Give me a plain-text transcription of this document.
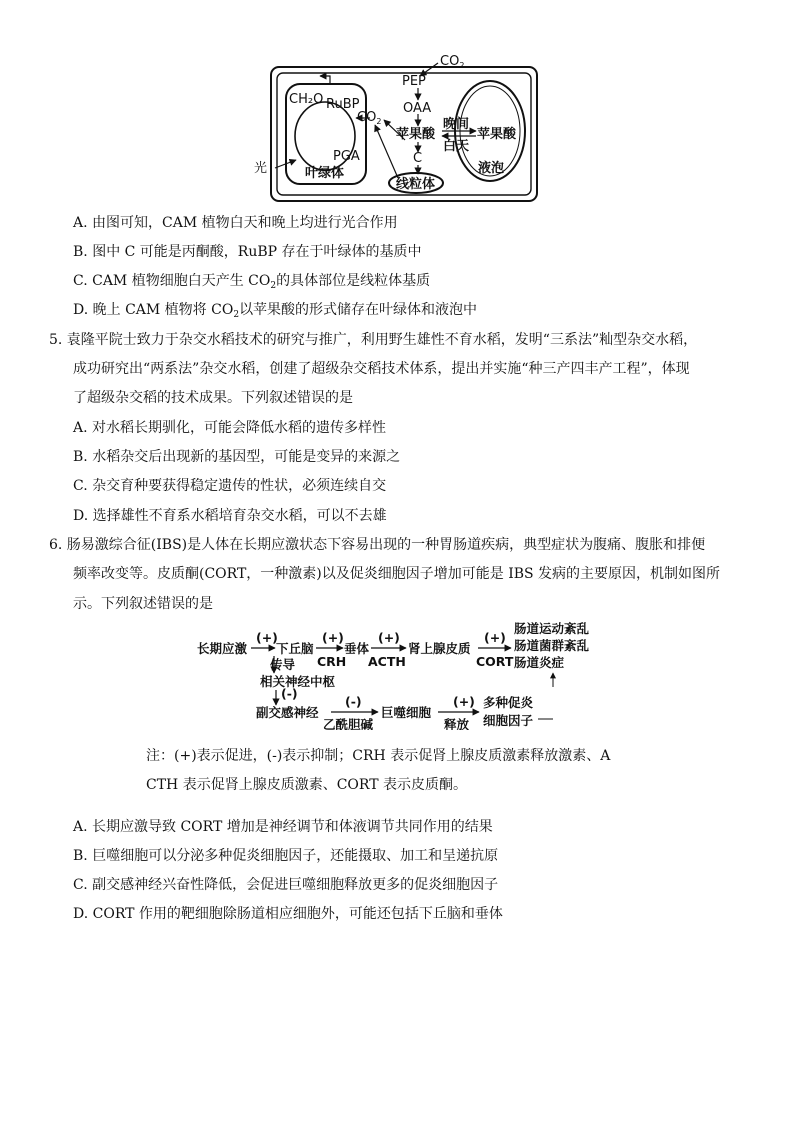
$CO_2$
PEP
OAA
苹果酸
晚间
白天
苹果酸
C
线粒体
液泡
CH₂O RuBP
$CO_2$
PGA
叶绿体
光
A. 由图可知，CAM 植物白天和晚上均进行光合作用
B. 图中 C 可能是丙酮酸，RuBP 存在于叶绿体的基质中
C. CAM 植物细胞白天产生 $CO_2$的具体部位是线粒体基质
D. 晚上 CAM 植物将 $CO_2$以苹果酸的形式储存在叶绿体和液泡中
5. 袁隆平院士致力于杂交水稻技术的研究与推广，利用野生雄性不育水稻，发明“三系法”籼型杂交水稻，
成功研究出“两系法”杂交水稻，创建了超级杂交稻技术体系，提出并实施“种三产四丰产工程”，体现
了超级杂交稻的技术成果。下列叙述错误的是
A. 对水稻长期驯化，可能会降低水稻的遗传多样性
B. 水稻杂交后出现新的基因型，可能是变异的来源之
C. 杂交育种要获得稳定遗传的性状，必须连续自交
D. 选择雄性不育系水稻培育杂交水稻，可以不去雄
6. 肠易激综合征(IBS)是人体在长期应激状态下容易出现的一种胃肠道疾病，典型症状为腹痛、腹胀和排便
频率改变等。皮质酮(CORT，一种激素)以及促炎细胞因子增加可能是 IBS 发病的主要原因，机制如图所
示。下列叙述错误的是
长期应激
(+)
下丘脑
(+)
CRH
垂体
(+)
ACTH
肾上腺皮质
(+)
CORT
肠道运动紊乱
肠道菌群紊乱
肠道炎症
传导
相关神经中枢
(-)
副交感神经
(-)
乙酰胆碱
巨噬细胞
(+)
释放
多种促炎
细胞因子
注：(+)表示促进，(-)表示抑制；CRH 表示促肾上腺皮质激素释放激素、A
CTH 表示促肾上腺皮质激素、CORT 表示皮质酮。
A. 长期应激导致 CORT 增加是神经调节和体液调节共同作用的结果
B. 巨噬细胞可以分泌多种促炎细胞因子，还能摄取、加工和呈递抗原
C. 副交感神经兴奋性降低，会促进巨噬细胞释放更多的促炎细胞因子
D. CORT 作用的靶细胞除肠道相应细胞外，可能还包括下丘脑和垂体
